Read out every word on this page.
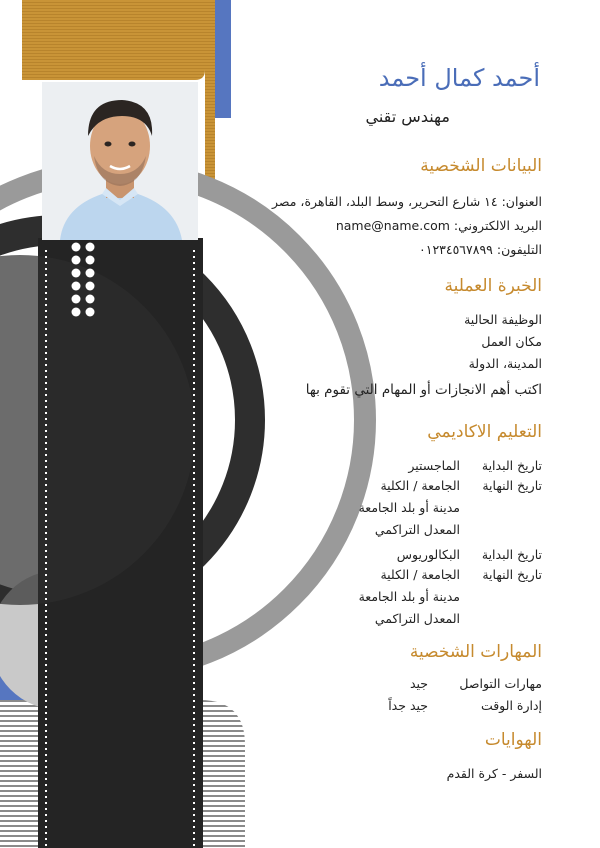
أحمد كمال أحمد
مهندس تقني
البيانات الشخصية
العنوان: ١٤ شارع التحرير، وسط البلد، القاهرة، مصر
البريد الالكتروني: name@name.com
التليفون: ٠١٢٣٤٥٦٧٨٩٩
الخبرة العملية
الوظيفة الحالية
مكان العمل
المدينة، الدولة
اكتب أهم الانجازات أو المهام التي تقوم بها
التعليم الاكاديمي
تاريخ البداية
الماجستير
تاريخ النهاية
الجامعة / الكلية
مدينة أو بلد الجامعة
المعدل التراكمي
تاريخ البداية
البكالوريوس
تاريخ النهاية
الجامعة / الكلية
مدينة أو بلد الجامعة
المعدل التراكمي
المهارات الشخصية
مهارات التواصل
جيد
إدارة الوقت
جيد جداً
الهوايات
السفر - كرة القدم
